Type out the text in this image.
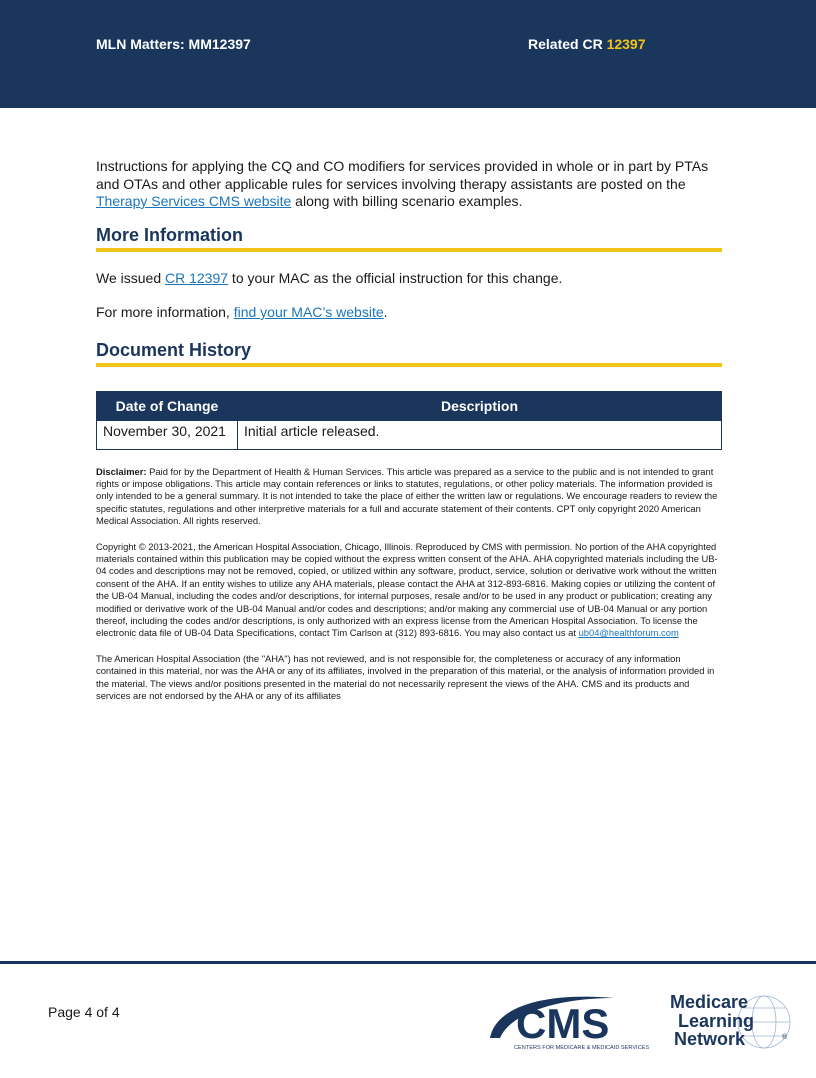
MLN Matters: MM12397	Related CR 12397

Instructions for applying the CQ and CO modifiers for services provided in whole or in part by PTAs and OTAs and other applicable rules for services involving therapy assistants are posted on the Therapy Services CMS website along with billing scenario examples.

More Information

We issued CR 12397 to your MAC as the official instruction for this change.

For more information, find your MAC’s website.

Document History
Date of Change	Description
November 30, 2021	Initial article released.

Disclaimer: Paid for by the Department of Health & Human Services. This article was prepared as a service to the public and is not intended to grant rights or impose obligations. This article may contain references or links to statutes, regulations, or other policy materials. The information provided is only intended to be a general summary. It is not intended to take the place of either the written law or regulations. We encourage readers to review the specific statutes, regulations and other interpretive materials for a full and accurate statement of their contents. CPT only copyright 2020 American Medical Association. All rights reserved.

Copyright © 2013-2021, the American Hospital Association, Chicago, Illinois. Reproduced by CMS with permission. No portion of the AHA copyrighted materials contained within this publication may be copied without the express written consent of the AHA. AHA copyrighted materials including the UB-04 codes and descriptions may not be removed, copied, or utilized within any software, product, service, solution or derivative work without the written consent of the AHA. If an entity wishes to utilize any AHA materials, please contact the AHA at 312-893-6816. Making copies or utilizing the content of the UB-04 Manual, including the codes and/or descriptions, for internal purposes, resale and/or to be used in any product or publication; creating any modified or derivative work of the UB-04 Manual and/or codes and descriptions; and/or making any commercial use of UB-04 Manual or any portion thereof, including the codes and/or descriptions, is only authorized with an express license from the American Hospital Association. To license the electronic data file of UB-04 Data Specifications, contact Tim Carlson at (312) 893-6816. You may also contact us at ub04@healthforum.com

The American Hospital Association (the "AHA") has not reviewed, and is not responsible for, the completeness or accuracy of any information contained in this material, nor was the AHA or any of its affiliates, involved in the preparation of this material, or the analysis of information provided in the material. The views and/or positions presented in the material do not necessarily represent the views of the AHA. CMS and its products and services are not endorsed by the AHA or any of its affiliates

Page 4 of 4	CMS
CENTERS FOR MEDICARE & MEDICAID SERVICES
Medicare
Learning
Network	®
